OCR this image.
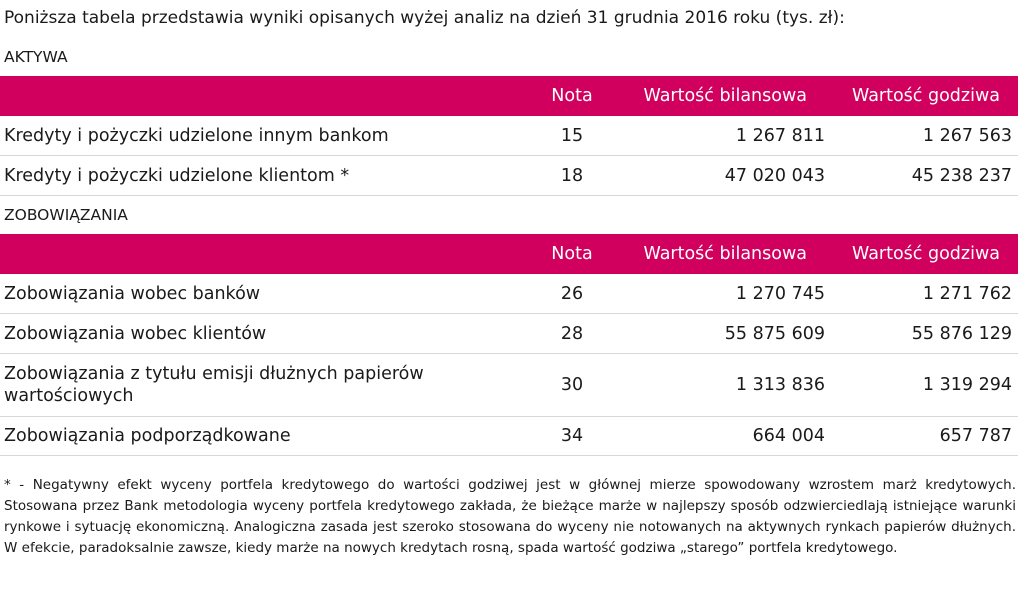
Poniższa tabela przedstawia wyniki opisanych wyżej analiz na dzień 31 grudnia 2016 roku (tys. zł):
AKTYWA
	Nota	Wartość bilansowa	Wartość godziwa
Kredyty i pożyczki udzielone innym bankom	15	1 267 811	1 267 563
Kredyty i pożyczki udzielone klientom *	18	47 020 043	45 238 237
ZOBOWIĄZANIA
	Nota	Wartość bilansowa	Wartość godziwa
Zobowiązania wobec banków	26	1 270 745	1 271 762
Zobowiązania wobec klientów	28	55 875 609	55 876 129
Zobowiązania z tytułu emisji dłużnych papierów wartościowych	30	1 313 836	1 319 294
Zobowiązania podporządkowane	34	664 004	657 787
* - Negatywny efekt wyceny portfela kredytowego do wartości godziwej jest w głównej mierze spowodowany wzrostem marż kredytowych. Stosowana przez Bank metodologia wyceny portfela kredytowego zakłada, że bieżące marże w najlepszy sposób odzwierciedlają istniejące warunki rynkowe i sytuację ekonomiczną. Analogiczna zasada jest szeroko stosowana do wyceny nie notowanych na aktywnych rynkach papierów dłużnych. W efekcie, paradoksalnie zawsze, kiedy marże na nowych kredytach rosną, spada wartość godziwa „starego” portfela kredytowego.
